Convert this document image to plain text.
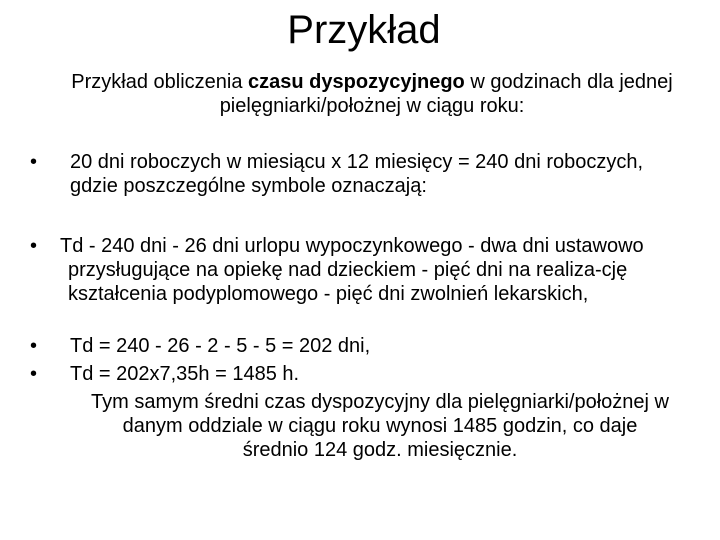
Przykład
Przykład obliczenia czasu dyspozycyjnego w godzinach dla jednej pielęgniarki/położnej w ciągu roku:
•	20 dni roboczych w miesiącu x 12 miesięcy = 240 dni roboczych, gdzie poszczególne symbole oznaczają:
•	Td - 240 dni - 26 dni urlopu wypoczynkowego - dwa dni ustawowo przysługujące na opiekę nad dzieckiem - pięć dni na realiza-cję kształcenia podyplomowego - pięć dni zwolnień lekarskich,
•	Td = 240 - 26 - 2 - 5 - 5 = 202 dni,
•	Td = 202x7,35h = 1485 h.
Tym samym średni czas dyspozycyjny dla pielęgniarki/położnej w danym oddziale w ciągu roku wynosi 1485 godzin, co daje średnio 124 godz. miesięcznie.
